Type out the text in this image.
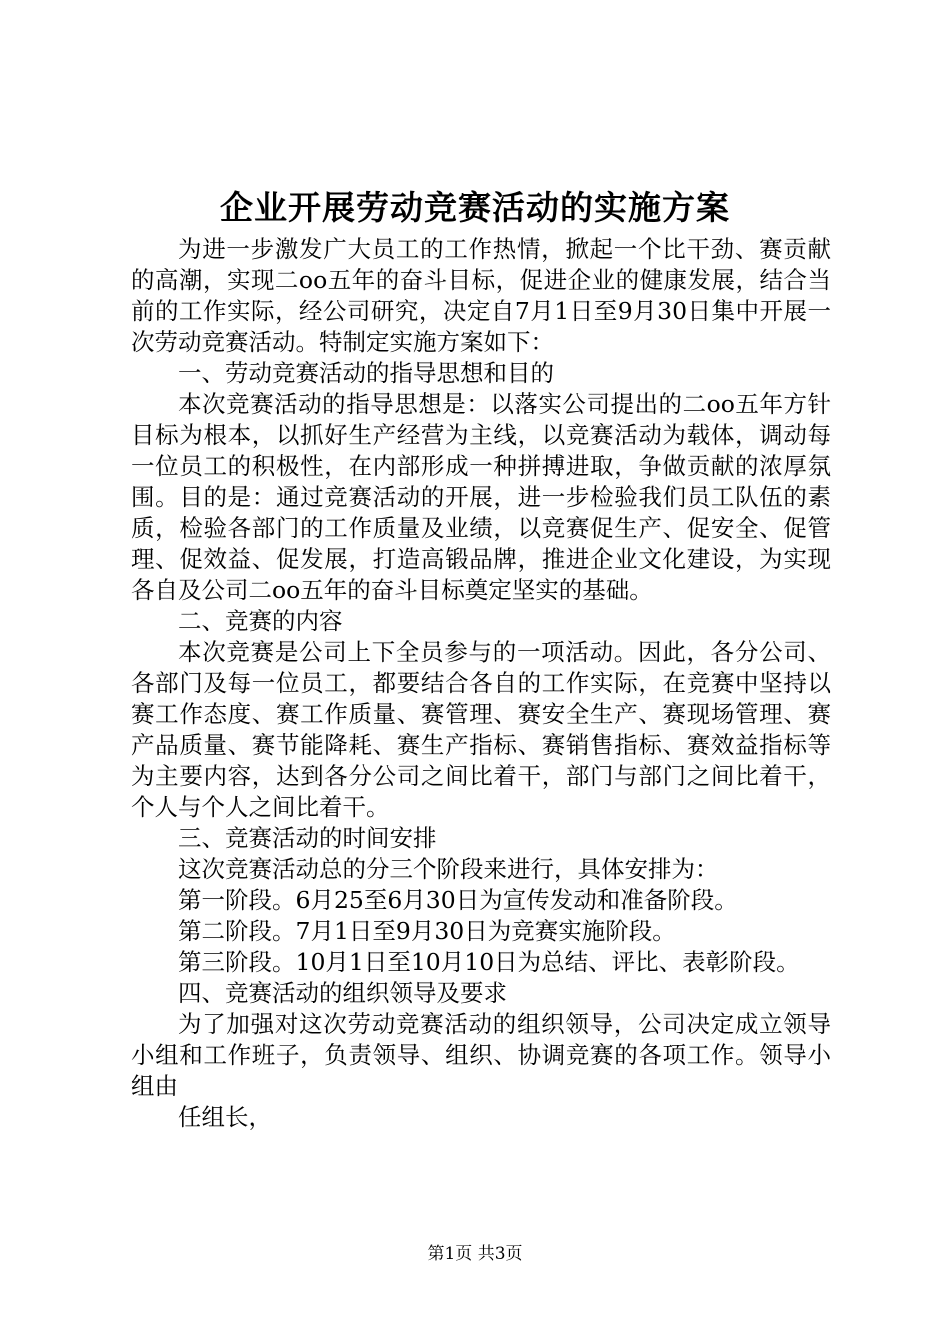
企业开展劳动竞赛活动的实施方案

为进一步激发广大员工的工作热情，掀起一个比干劲、赛贡献的高潮，实现二oo五年的奋斗目标，促进企业的健康发展，结合当前的工作实际，经公司研究，决定自7月1日至9月30日集中开展一次劳动竞赛活动。特制定实施方案如下：

一、劳动竞赛活动的指导思想和目的

本次竞赛活动的指导思想是：以落实公司提出的二oo五年方针目标为根本，以抓好生产经营为主线，以竞赛活动为载体，调动每一位员工的积极性，在内部形成一种拼搏进取，争做贡献的浓厚氛围。目的是：通过竞赛活动的开展，进一步检验我们员工队伍的素质，检验各部门的工作质量及业绩，以竞赛促生产、促安全、促管理、促效益、促发展，打造高锻品牌，推进企业文化建设，为实现各自及公司二oo五年的奋斗目标奠定坚实的基础。

二、竞赛的内容

本次竞赛是公司上下全员参与的一项活动。因此，各分公司、各部门及每一位员工，都要结合各自的工作实际，在竞赛中坚持以赛工作态度、赛工作质量、赛管理、赛安全生产、赛现场管理、赛产品质量、赛节能降耗、赛生产指标、赛销售指标、赛效益指标等为主要内容，达到各分公司之间比着干，部门与部门之间比着干，个人与个人之间比着干。

三、竞赛活动的时间安排

这次竞赛活动总的分三个阶段来进行，具体安排为：

第一阶段。6月25至6月30日为宣传发动和准备阶段。

第二阶段。7月1日至9月30日为竞赛实施阶段。

第三阶段。10月1日至10月10日为总结、评比、表彰阶段。

四、竞赛活动的组织领导及要求

为了加强对这次劳动竞赛活动的组织领导，公司决定成立领导小组和工作班子，负责领导、组织、协调竞赛的各项工作。领导小组由

任组长，

第1页 共3页
